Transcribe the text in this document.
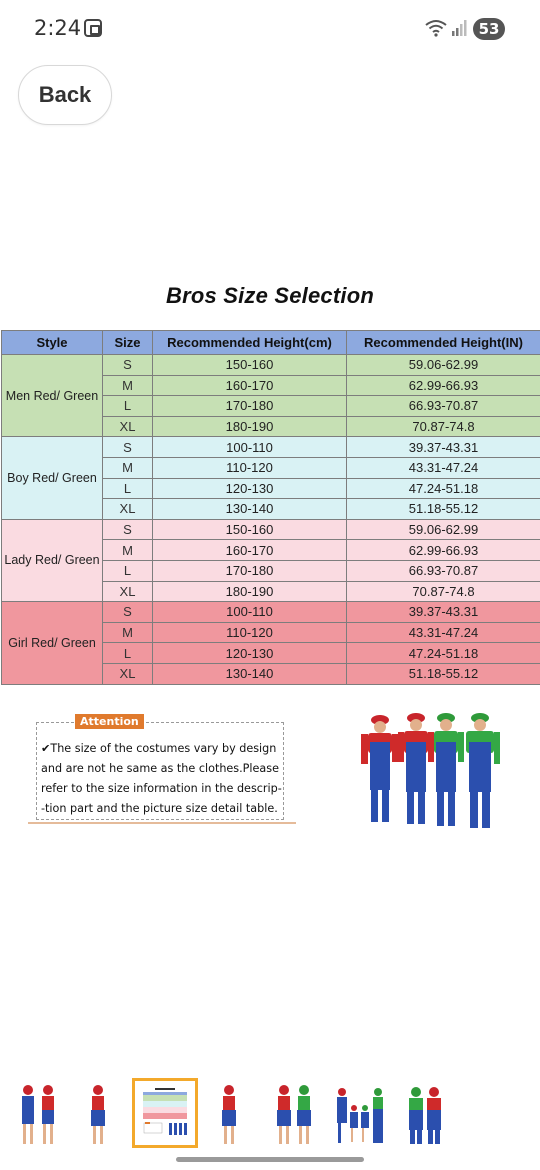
2:24	53
Back
Bros Size Selection
Style	Size	Recommended Height(cm)	Recommended Height(IN)
Men Red/ Green	S	150-160	59.06-62.99
	M	160-170	62.99-66.93
	L	170-180	66.93-70.87
	XL	180-190	70.87-74.8
Boy Red/ Green	S	100-110	39.37-43.31
	M	110-120	43.31-47.24
	L	120-130	47.24-51.18
	XL	130-140	51.18-55.12
Lady Red/ Green	S	150-160	59.06-62.99
	M	160-170	62.99-66.93
	L	170-180	66.93-70.87
	XL	180-190	70.87-74.8
Girl Red/ Green	S	100-110	39.37-43.31
	M	110-120	43.31-47.24
	L	120-130	47.24-51.18
	XL	130-140	51.18-55.12
Attention
✔The size of the costumes vary by design and are not he same as the clothes.Please refer to the size information in the descrip--tion part and the picture size detail table.
